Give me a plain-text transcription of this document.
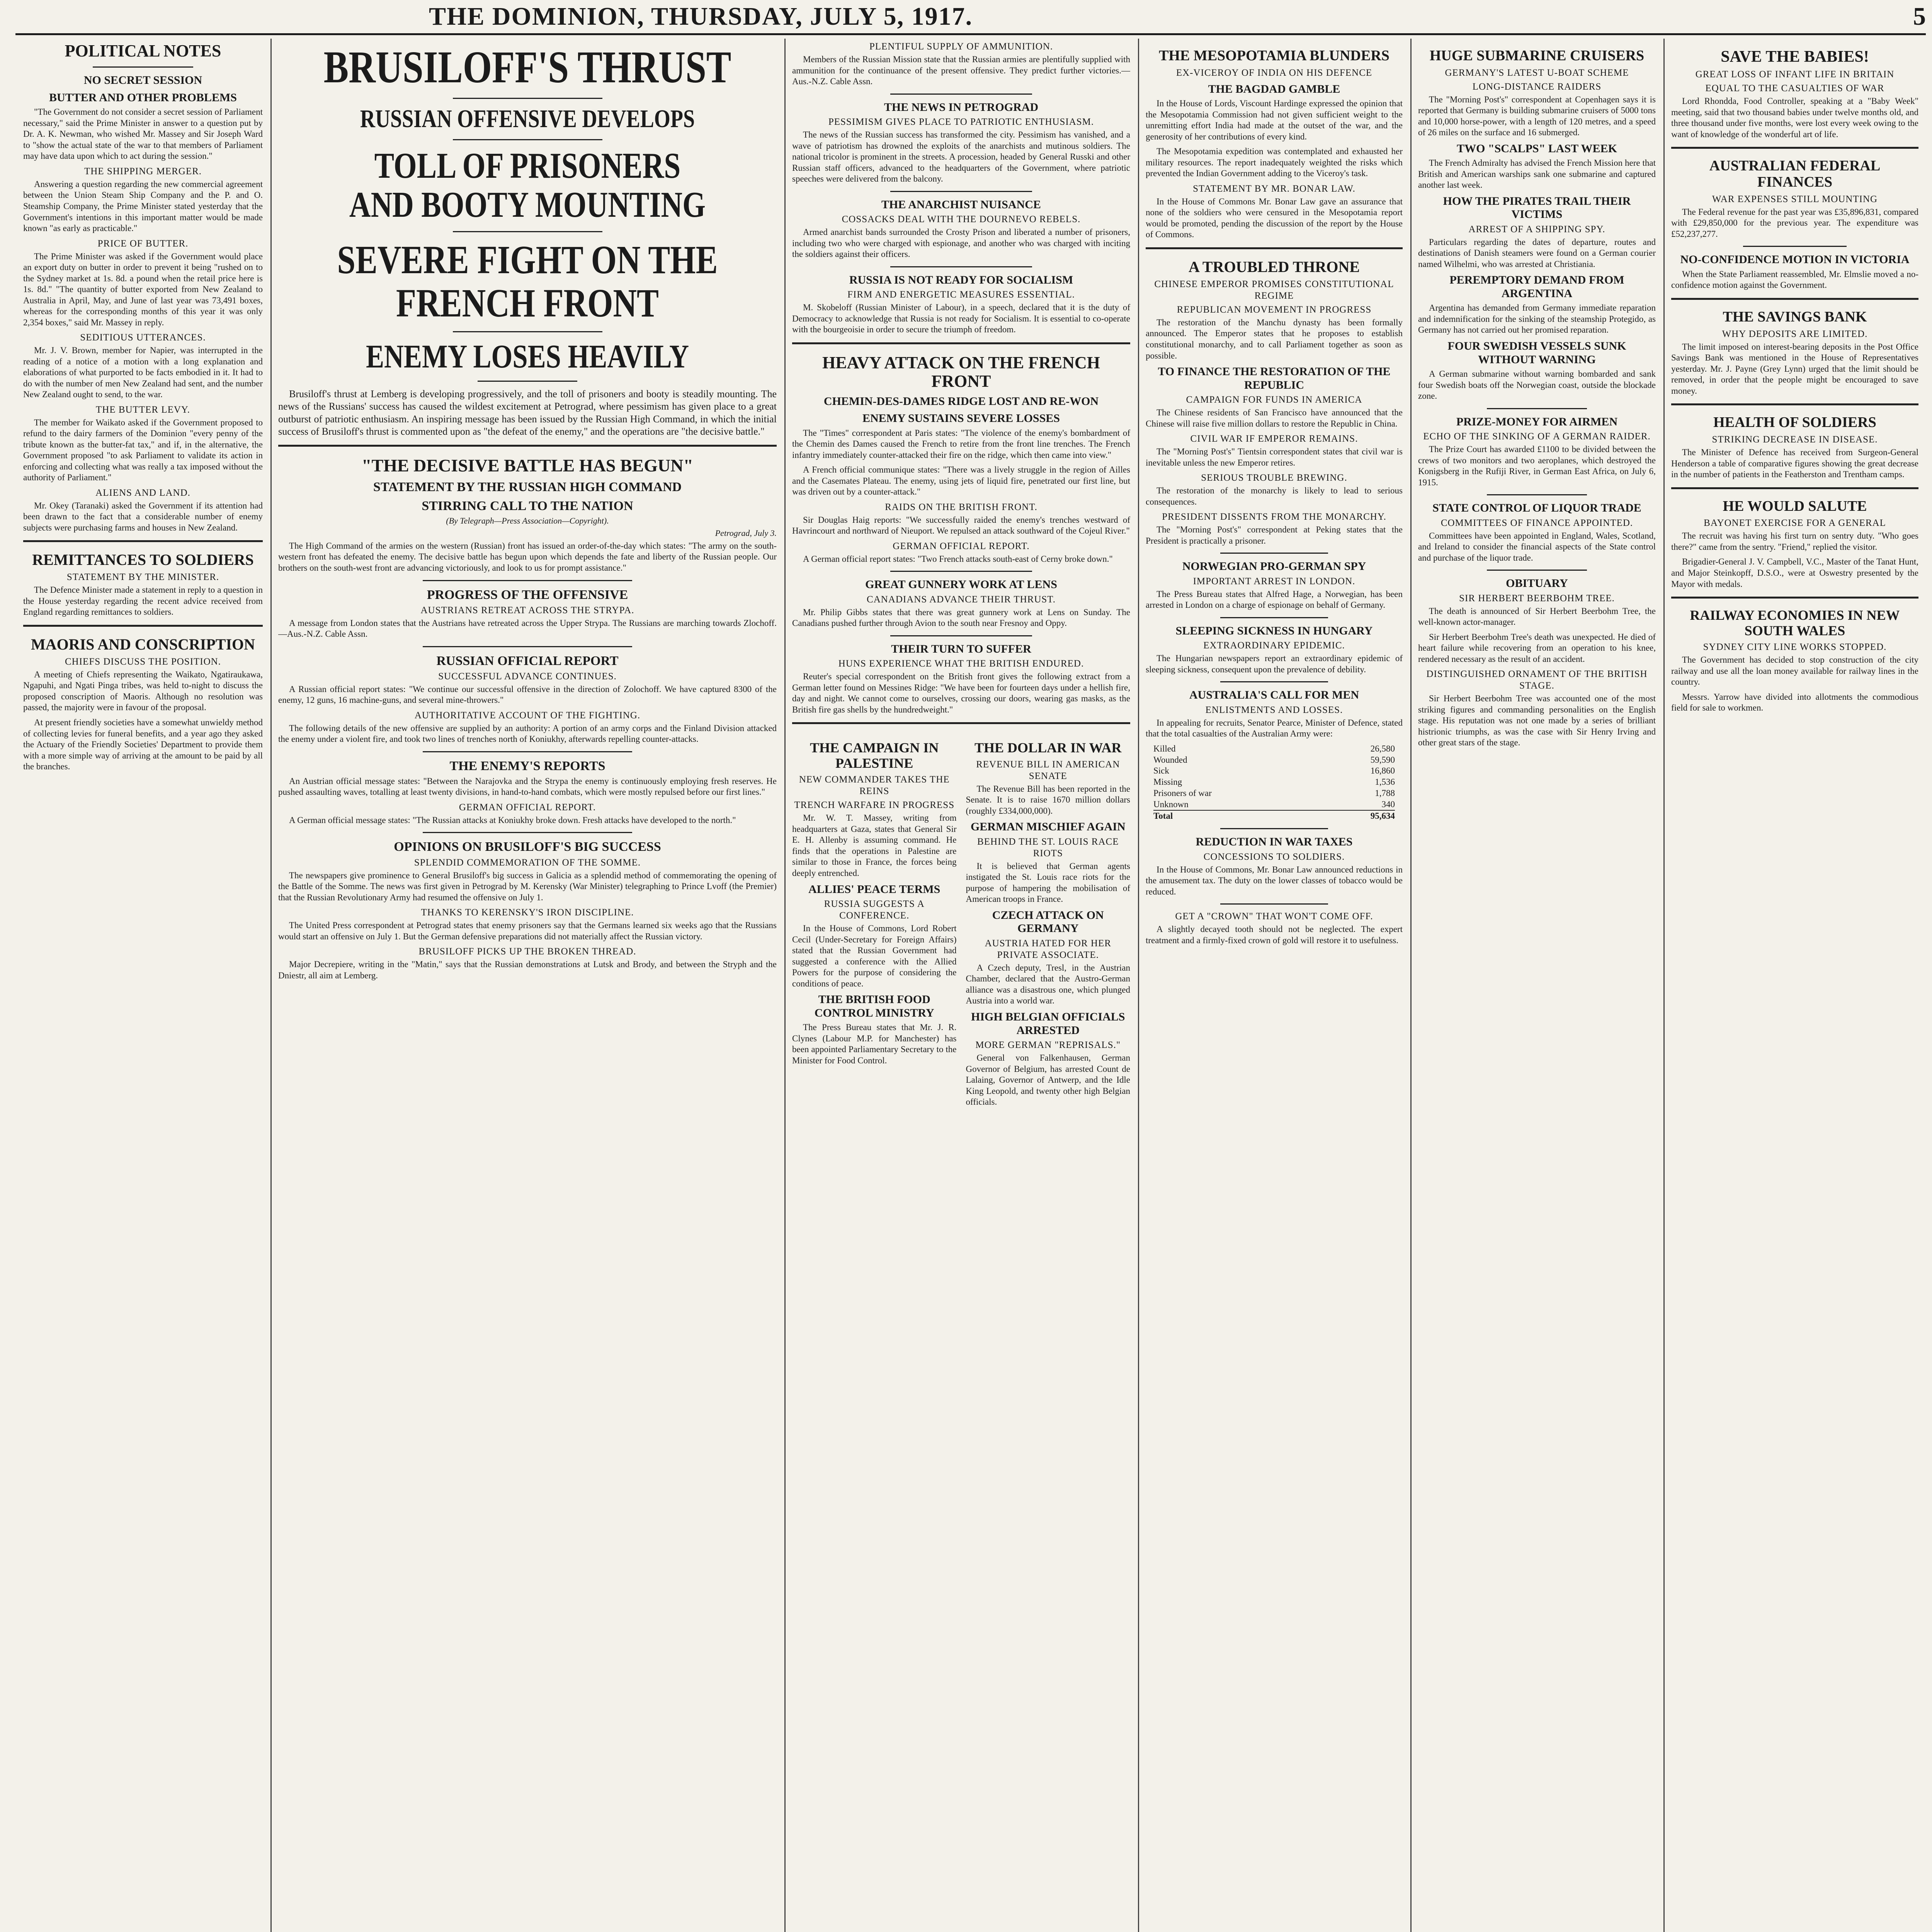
THE DOMINION, THURSDAY, JULY 5, 1917.	5
POLITICAL NOTES
NO SECRET SESSION
BUTTER AND OTHER PROBLEMS

"The Government do not consider a secret session of Parliament necessary," said the Prime Minister in answer to a question put by Dr. A. K. Newman, who wished Mr. Massey and Sir Joseph Ward to "show the actual state of the war to that members of Parliament may have data upon which to act during the session."

THE SHIPPING MERGER.

Answering a question regarding the new commercial agreement between the Union Steam Ship Company and the P. and O. Steamship Company, the Prime Minister stated yesterday that the Government's intentions in this important matter would be made known "as early as practicable."

PRICE OF BUTTER.

The Prime Minister was asked if the Government would place an export duty on butter in order to prevent it being "rushed on to the Sydney market at 1s. 8d. a pound when the retail price here is 1s. 8d." "The quantity of butter exported from New Zealand to Australia in April, May, and June of last year was 73,491 boxes, whereas for the corresponding months of this year it was only 2,354 boxes," said Mr. Massey in reply.

SEDITIOUS UTTERANCES.

Mr. J. V. Brown, member for Napier, was interrupted in the reading of a notice of a motion with a long explanation and elaborations of what purported to be facts embodied in it. It had to do with the number of men New Zealand had sent, and the number New Zealand ought to send, to the war.

THE BUTTER LEVY.

The member for Waikato asked if the Government proposed to refund to the dairy farmers of the Dominion "every penny of the tribute known as the butter-fat tax," and if, in the alternative, the Government proposed "to ask Parliament to validate its action in enforcing and collecting what was really a tax imposed without the authority of Parliament."

ALIENS AND LAND.

Mr. Okey (Taranaki) asked the Government if its attention had been drawn to the fact that a considerable number of enemy subjects were purchasing farms and houses in New Zealand.

REMITTANCES TO SOLDIERS
STATEMENT BY THE MINISTER.

The Defence Minister made a statement in reply to a question in the House yesterday regarding the recent advice received from England regarding remittances to soldiers.

MAORIS AND CONSCRIPTION
CHIEFS DISCUSS THE POSITION.

A meeting of Chiefs representing the Waikato, Ngatiraukawa, Ngapuhi, and Ngati Pinga tribes, was held to-night to discuss the proposed conscription of Maoris. Although no resolution was passed, the majority were in favour of the proposal.

At present friendly societies have a somewhat unwieldy method of collecting levies for funeral benefits, and a year ago they asked the Actuary of the Friendly Societies' Department to provide them with a more simple way of arriving at the amount to be paid by all the branches.

BRUSILOFF'S THRUST
RUSSIAN OFFENSIVE DEVELOPS
TOLL OF PRISONERS AND BOOTY MOUNTING
SEVERE FIGHT ON THE FRENCH FRONT
ENEMY LOSES HEAVILY

Brusiloff's thrust at Lemberg is developing progressively, and the toll of prisoners and booty is steadily mounting. The news of the Russians' success has caused the wildest excitement at Petrograd, where pessimism has given place to a great outburst of patriotic enthusiasm. An inspiring message has been issued by the Russian High Command, in which the initial success of Brusiloff's thrust is commented upon as "the defeat of the enemy," and the operations are "the decisive battle."

"THE DECISIVE BATTLE HAS BEGUN"
STATEMENT BY THE RUSSIAN HIGH COMMAND
STIRRING CALL TO THE NATION
(By Telegraph—Press Association—Copyright).
Petrograd, July 3.

The High Command of the armies on the western (Russian) front has issued an order-of-the-day which states: "The army on the south-western front has defeated the enemy. The decisive battle has begun upon which depends the fate and liberty of the Russian people. Our brothers on the south-west front are advancing victoriously, and look to us for prompt assistance."

PROGRESS OF THE OFFENSIVE
AUSTRIANS RETREAT ACROSS THE STRYPA.

A message from London states that the Austrians have retreated across the Upper Strypa. The Russians are marching towards Zlochoff.—Aus.-N.Z. Cable Assn.

RUSSIAN OFFICIAL REPORT
SUCCESSFUL ADVANCE CONTINUES.

A Russian official report states: "We continue our successful offensive in the direction of Zolochoff. We have captured 8300 of the enemy, 12 guns, 16 machine-guns, and several mine-throwers."

AUTHORITATIVE ACCOUNT OF THE FIGHTING.

The following details of the new offensive are supplied by an authority: A portion of an army corps and the Finland Division attacked the enemy under a violent fire, and took two lines of trenches north of Koniukhy, afterwards repelling counter-attacks.

THE ENEMY'S REPORTS

An Austrian official message states: "Between the Narajovka and the Strypa the enemy is continuously employing fresh reserves. He pushed assaulting waves, totalling at least twenty divisions, in hand-to-hand combats, which were mostly repulsed before our first lines."

GERMAN OFFICIAL REPORT.

A German official message states: "The Russian attacks at Koniukhy broke down. Fresh attacks have developed to the north."

OPINIONS ON BRUSILOFF'S BIG SUCCESS
SPLENDID COMMEMORATION OF THE SOMME.

The newspapers give prominence to General Brusiloff's big success in Galicia as a splendid method of commemorating the opening of the Battle of the Somme. The news was first given in Petrograd by M. Kerensky (War Minister) telegraphing to Prince Lvoff (the Premier) that the Russian Revolutionary Army had resumed the offensive on July 1.

THANKS TO KERENSKY'S IRON DISCIPLINE.

The United Press correspondent at Petrograd states that enemy prisoners say that the Germans learned six weeks ago that the Russians would start an offensive on July 1. But the German defensive preparations did not materially affect the Russian victory.

BRUSILOFF PICKS UP THE BROKEN THREAD.

Major Decrepiere, writing in the "Matin," says that the Russian demonstrations at Lutsk and Brody, and between the Stryph and the Dniestr, all aim at Lemberg.

PLENTIFUL SUPPLY OF AMMUNITION.

Members of the Russian Mission state that the Russian armies are plentifully supplied with ammunition for the continuance of the present offensive. They predict further victories.—Aus.-N.Z. Cable Assn.

THE NEWS IN PETROGRAD
PESSIMISM GIVES PLACE TO PATRIOTIC ENTHUSIASM.

The news of the Russian success has transformed the city. Pessimism has vanished, and a wave of patriotism has drowned the exploits of the anarchists and mutinous soldiers. The national tricolor is prominent in the streets. A procession, headed by General Russki and other Russian staff officers, advanced to the headquarters of the Government, where patriotic speeches were delivered from the balcony.

THE ANARCHIST NUISANCE
COSSACKS DEAL WITH THE DOURNEVO REBELS.

Armed anarchist bands surrounded the Crosty Prison and liberated a number of prisoners, including two who were charged with espionage, and another who was charged with inciting the soldiers against their officers.

RUSSIA IS NOT READY FOR SOCIALISM
FIRM AND ENERGETIC MEASURES ESSENTIAL.

M. Skobeloff (Russian Minister of Labour), in a speech, declared that it is the duty of Democracy to acknowledge that Russia is not ready for Socialism. It is essential to co-operate with the bourgeoisie in order to secure the triumph of freedom.

HEAVY ATTACK ON THE FRENCH FRONT
CHEMIN-DES-DAMES RIDGE LOST AND RE-WON
ENEMY SUSTAINS SEVERE LOSSES

The "Times" correspondent at Paris states: "The violence of the enemy's bombardment of the Chemin des Dames caused the French to retire from the front line trenches. The French infantry immediately counter-attacked their fire on the ridge, which then came into view."

A French official communique states: "There was a lively struggle in the region of Ailles and the Casemates Plateau. The enemy, using jets of liquid fire, penetrated our first line, but was driven out by a counter-attack."

RAIDS ON THE BRITISH FRONT.

Sir Douglas Haig reports: "We successfully raided the enemy's trenches westward of Havrincourt and northward of Nieuport. We repulsed an attack southward of the Cojeul River."

GERMAN OFFICIAL REPORT.

A German official report states: "Two French attacks south-east of Cerny broke down."

GREAT GUNNERY WORK AT LENS
CANADIANS ADVANCE THEIR THRUST.

Mr. Philip Gibbs states that there was great gunnery work at Lens on Sunday. The Canadians pushed further through Avion to the south near Fresnoy and Oppy.

THEIR TURN TO SUFFER
HUNS EXPERIENCE WHAT THE BRITISH ENDURED.

Reuter's special correspondent on the British front gives the following extract from a German letter found on Messines Ridge: "We have been for fourteen days under a hellish fire, day and night. We cannot come to ourselves, crossing our doors, wearing gas masks, as the British fire gas shells by the hundredweight."

THE CAMPAIGN IN PALESTINE
NEW COMMANDER TAKES THE REINS
TRENCH WARFARE IN PROGRESS

Mr. W. T. Massey, writing from headquarters at Gaza, states that General Sir E. H. Allenby is assuming command. He finds that the operations in Palestine are similar to those in France, the forces being deeply entrenched.

ALLIES' PEACE TERMS
RUSSIA SUGGESTS A CONFERENCE.

In the House of Commons, Lord Robert Cecil (Under-Secretary for Foreign Affairs) stated that the Russian Government had suggested a conference with the Allied Powers for the purpose of considering the conditions of peace.

THE BRITISH FOOD CONTROL MINISTRY

The Press Bureau states that Mr. J. R. Clynes (Labour M.P. for Manchester) has been appointed Parliamentary Secretary to the Minister for Food Control.

THE DOLLAR IN WAR
REVENUE BILL IN AMERICAN SENATE

The Revenue Bill has been reported in the Senate. It is to raise 1670 million dollars (roughly £334,000,000).

GERMAN MISCHIEF AGAIN
BEHIND THE ST. LOUIS RACE RIOTS

It is believed that German agents instigated the St. Louis race riots for the purpose of hampering the mobilisation of American troops in France.

CZECH ATTACK ON GERMANY
AUSTRIA HATED FOR HER PRIVATE ASSOCIATE.

A Czech deputy, Tresl, in the Austrian Chamber, declared that the Austro-German alliance was a disastrous one, which plunged Austria into a world war.

HIGH BELGIAN OFFICIALS ARRESTED
MORE GERMAN "REPRISALS."

General von Falkenhausen, German Governor of Belgium, has arrested Count de Lalaing, Governor of Antwerp, and the Idle King Leopold, and twenty other high Belgian officials.

THE MESOPOTAMIA BLUNDERS
EX-VICEROY OF INDIA ON HIS DEFENCE
THE BAGDAD GAMBLE

In the House of Lords, Viscount Hardinge expressed the opinion that the Mesopotamia Commission had not given sufficient weight to the unremitting effort India had made at the outset of the war, and the generosity of her contributions of every kind.

The Mesopotamia expedition was contemplated and exhausted her military resources. The report inadequately weighted the risks which prevented the Indian Government adding to the Viceroy's task.

STATEMENT BY MR. BONAR LAW.

In the House of Commons Mr. Bonar Law gave an assurance that none of the soldiers who were censured in the Mesopotamia report would be promoted, pending the discussion of the report by the House of Commons.

A TROUBLED THRONE
CHINESE EMPEROR PROMISES CONSTITUTIONAL REGIME
REPUBLICAN MOVEMENT IN PROGRESS

The restoration of the Manchu dynasty has been formally announced. The Emperor states that he proposes to establish constitutional monarchy, and to call Parliament together as soon as possible.

TO FINANCE THE RESTORATION OF THE REPUBLIC
CAMPAIGN FOR FUNDS IN AMERICA

The Chinese residents of San Francisco have announced that the Chinese will raise five million dollars to restore the Republic in China.

CIVIL WAR IF EMPEROR REMAINS.

The "Morning Post's" Tientsin correspondent states that civil war is inevitable unless the new Emperor retires.

SERIOUS TROUBLE BREWING.

The restoration of the monarchy is likely to lead to serious consequences.

PRESIDENT DISSENTS FROM THE MONARCHY.

The "Morning Post's" correspondent at Peking states that the President is practically a prisoner.

NORWEGIAN PRO-GERMAN SPY
IMPORTANT ARREST IN LONDON.

The Press Bureau states that Alfred Hage, a Norwegian, has been arrested in London on a charge of espionage on behalf of Germany.

SLEEPING SICKNESS IN HUNGARY
EXTRAORDINARY EPIDEMIC.

The Hungarian newspapers report an extraordinary epidemic of sleeping sickness, consequent upon the prevalence of debility.

AUSTRALIA'S CALL FOR MEN
ENLISTMENTS AND LOSSES.

In appealing for recruits, Senator Pearce, Minister of Defence, stated that the total casualties of the Australian Army were:

Killed	26,580
Wounded	59,590
Sick	16,860
Missing	1,536
Prisoners of war	1,788
Unknown	340
Total	95,634
REDUCTION IN WAR TAXES
CONCESSIONS TO SOLDIERS.

In the House of Commons, Mr. Bonar Law announced reductions in the amusement tax. The duty on the lower classes of tobacco would be reduced.

GET A "CROWN" THAT WON'T COME OFF.

A slightly decayed tooth should not be neglected. The expert treatment and a firmly-fixed crown of gold will restore it to usefulness.

HUGE SUBMARINE CRUISERS
GERMANY'S LATEST U-BOAT SCHEME
LONG-DISTANCE RAIDERS

The "Morning Post's" correspondent at Copenhagen says it is reported that Germany is building submarine cruisers of 5000 tons and 10,000 horse-power, with a length of 120 metres, and a speed of 26 miles on the surface and 16 submerged.

TWO "SCALPS" LAST WEEK

The French Admiralty has advised the French Mission here that British and American warships sank one submarine and captured another last week.

HOW THE PIRATES TRAIL THEIR VICTIMS
ARREST OF A SHIPPING SPY.

Particulars regarding the dates of departure, routes and destinations of Danish steamers were found on a German courier named Wilhelmi, who was arrested at Christiania.

PEREMPTORY DEMAND FROM ARGENTINA

Argentina has demanded from Germany immediate reparation and indemnification for the sinking of the steamship Protegido, as Germany has not carried out her promised reparation.

FOUR SWEDISH VESSELS SUNK WITHOUT WARNING

A German submarine without warning bombarded and sank four Swedish boats off the Norwegian coast, outside the blockade zone.

PRIZE-MONEY FOR AIRMEN
ECHO OF THE SINKING OF A GERMAN RAIDER.

The Prize Court has awarded £1100 to be divided between the crews of two monitors and two aeroplanes, which destroyed the Konigsberg in the Rufiji River, in German East Africa, on July 6, 1915.

STATE CONTROL OF LIQUOR TRADE
COMMITTEES OF FINANCE APPOINTED.

Committees have been appointed in England, Wales, Scotland, and Ireland to consider the financial aspects of the State control and purchase of the liquor trade.

OBITUARY
SIR HERBERT BEERBOHM TREE.

The death is announced of Sir Herbert Beerbohm Tree, the well-known actor-manager.

Sir Herbert Beerbohm Tree's death was unexpected. He died of heart failure while recovering from an operation to his knee, rendered necessary as the result of an accident.

DISTINGUISHED ORNAMENT OF THE BRITISH STAGE.

Sir Herbert Beerbohm Tree was accounted one of the most striking figures and commanding personalities on the English stage. His reputation was not one made by a series of brilliant histrionic triumphs, as was the case with Sir Henry Irving and other great stars of the stage.

SAVE THE BABIES!
GREAT LOSS OF INFANT LIFE IN BRITAIN
EQUAL TO THE CASUALTIES OF WAR

Lord Rhondda, Food Controller, speaking at a "Baby Week" meeting, said that two thousand babies under twelve months old, and three thousand under five months, were lost every week owing to the want of knowledge of the wonderful art of life.

AUSTRALIAN FEDERAL FINANCES
WAR EXPENSES STILL MOUNTING

The Federal revenue for the past year was £35,896,831, compared with £29,850,000 for the previous year. The expenditure was £52,237,277.

NO-CONFIDENCE MOTION IN VICTORIA

When the State Parliament reassembled, Mr. Elmslie moved a no-confidence motion against the Government.

THE SAVINGS BANK
WHY DEPOSITS ARE LIMITED.

The limit imposed on interest-bearing deposits in the Post Office Savings Bank was mentioned in the House of Representatives yesterday. Mr. J. Payne (Grey Lynn) urged that the limit should be removed, in order that the people might be encouraged to save money.

HEALTH OF SOLDIERS
STRIKING DECREASE IN DISEASE.

The Minister of Defence has received from Surgeon-General Henderson a table of comparative figures showing the great decrease in the number of patients in the Featherston and Trentham camps.

HE WOULD SALUTE
BAYONET EXERCISE FOR A GENERAL

The recruit was having his first turn on sentry duty. "Who goes there?" came from the sentry. "Friend," replied the visitor.

Brigadier-General J. V. Campbell, V.C., Master of the Tanat Hunt, and Major Steinkopff, D.S.O., were at Oswestry presented by the Mayor with medals.

RAILWAY ECONOMIES IN NEW SOUTH WALES
SYDNEY CITY LINE WORKS STOPPED.

The Government has decided to stop construction of the city railway and use all the loan money available for railway lines in the country.

Messrs. Yarrow have divided into allotments the commodious field for sale to workmen.
